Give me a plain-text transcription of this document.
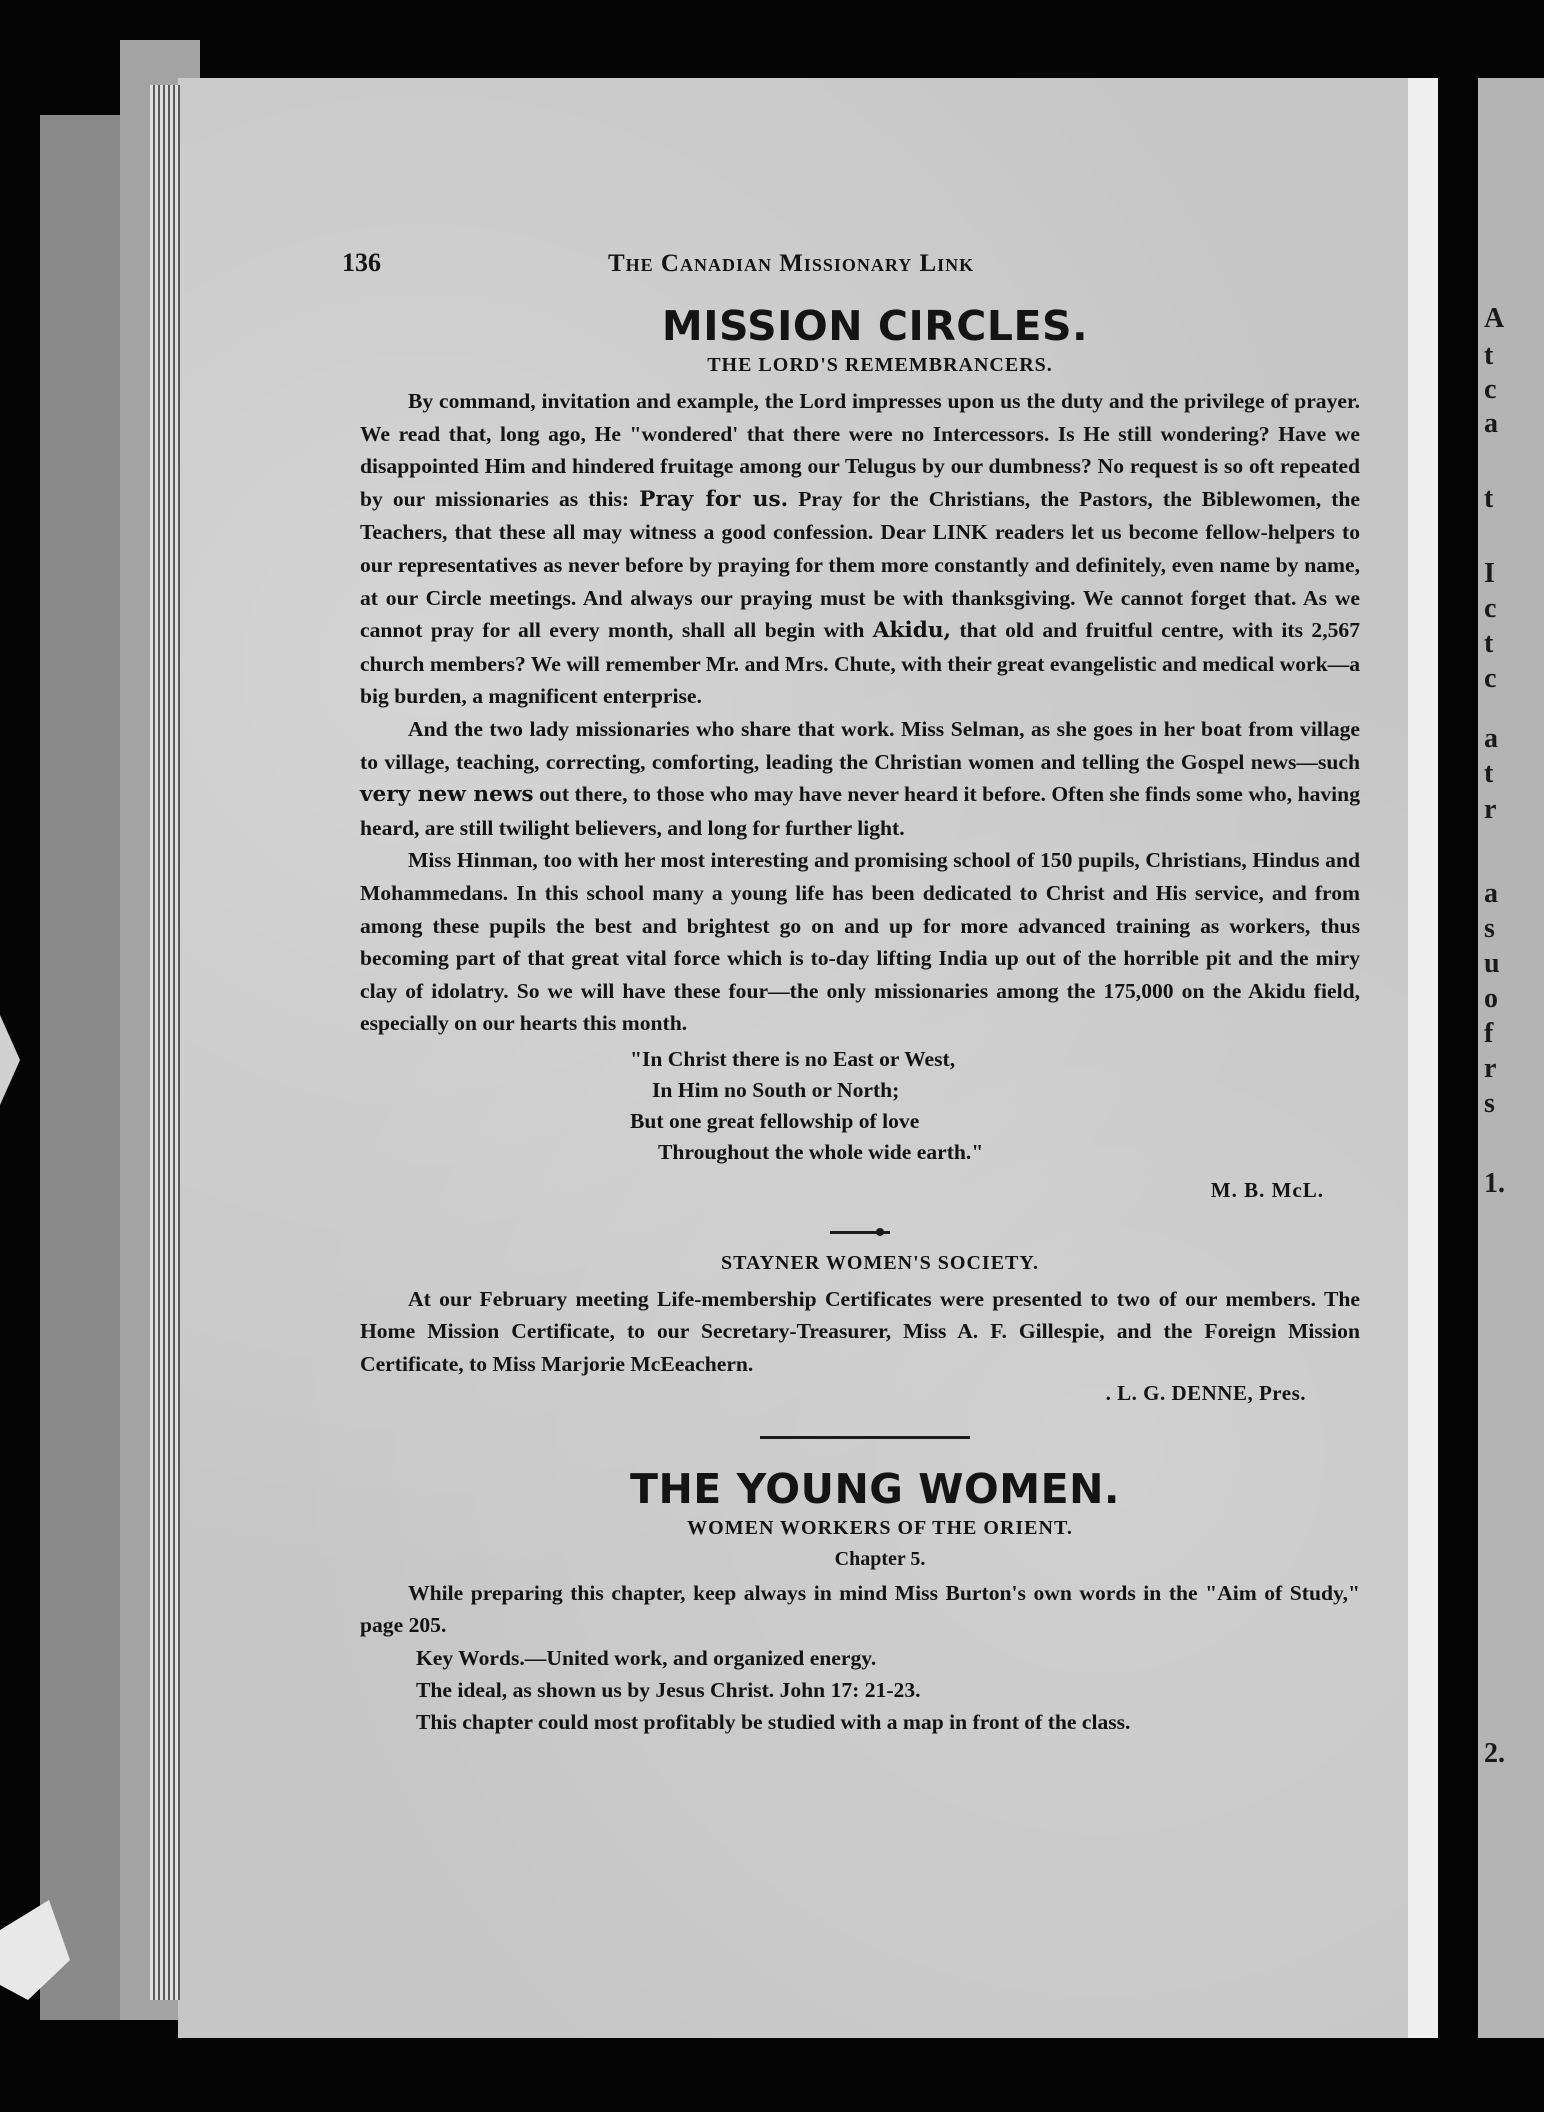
A
t
c
a
t
I
c
t
c
a
t
r
a
s
u
o
f
r
s
1.
2.
136	The Canadian Missionary Link
MISSION CIRCLES.
THE LORD'S REMEMBRANCERS.

By command, invitation and example, the Lord impresses upon us the duty and the privilege of prayer. We read that, long ago, He "wondered' that there were no Intercessors. Is He still wondering? Have we disappointed Him and hindered fruitage among our Telugus by our dumbness? No request is so oft repeated by our missionaries as this: Pray for us. Pray for the Christians, the Pastors, the Biblewomen, the Teachers, that these all may witness a good confession. Dear LINK readers let us become fellow-helpers to our representatives as never before by praying for them more constantly and definitely, even name by name, at our Circle meetings. And always our praying must be with thanksgiving. We cannot forget that. As we cannot pray for all every month, shall all begin with Akidu, that old and fruitful centre, with its 2,567 church members? We will remember Mr. and Mrs. Chute, with their great evangelistic and medical work—a big burden, a magnificent enterprise.

And the two lady missionaries who share that work. Miss Selman, as she goes in her boat from village to village, teaching, correcting, comforting, leading the Christian women and telling the Gospel news—such very new news out there, to those who may have never heard it before. Often she finds some who, having heard, are still twilight believers, and long for further light.

Miss Hinman, too with her most interesting and promising school of 150 pupils, Christians, Hindus and Mohammedans. In this school many a young life has been dedicated to Christ and His service, and from among these pupils the best and brightest go on and up for more advanced training as workers, thus becoming part of that great vital force which is to-day lifting India up out of the horrible pit and the miry clay of idolatry. So we will have these four—the only missionaries among the 175,000 on the Akidu field, especially on our hearts this month.

"In Christ there is no East or West,
In Him no South or North;
But one great fellowship of love
Throughout the whole wide earth."
M. B. McL.
STAYNER WOMEN'S SOCIETY.

At our February meeting Life-membership Certificates were presented to two of our members. The Home Mission Certificate, to our Secretary-Treasurer, Miss A. F. Gillespie, and the Foreign Mission Certificate, to Miss Marjorie McEeachern.

. L. G. DENNE, Pres.
THE YOUNG WOMEN.
WOMEN WORKERS OF THE ORIENT.
Chapter 5.

While preparing this chapter, keep always in mind Miss Burton's own words in the "Aim of Study," page 205.

Key Words.—United work, and organized energy.

The ideal, as shown us by Jesus Christ. John 17: 21-23.

This chapter could most profitably be studied with a map in front of the class.
